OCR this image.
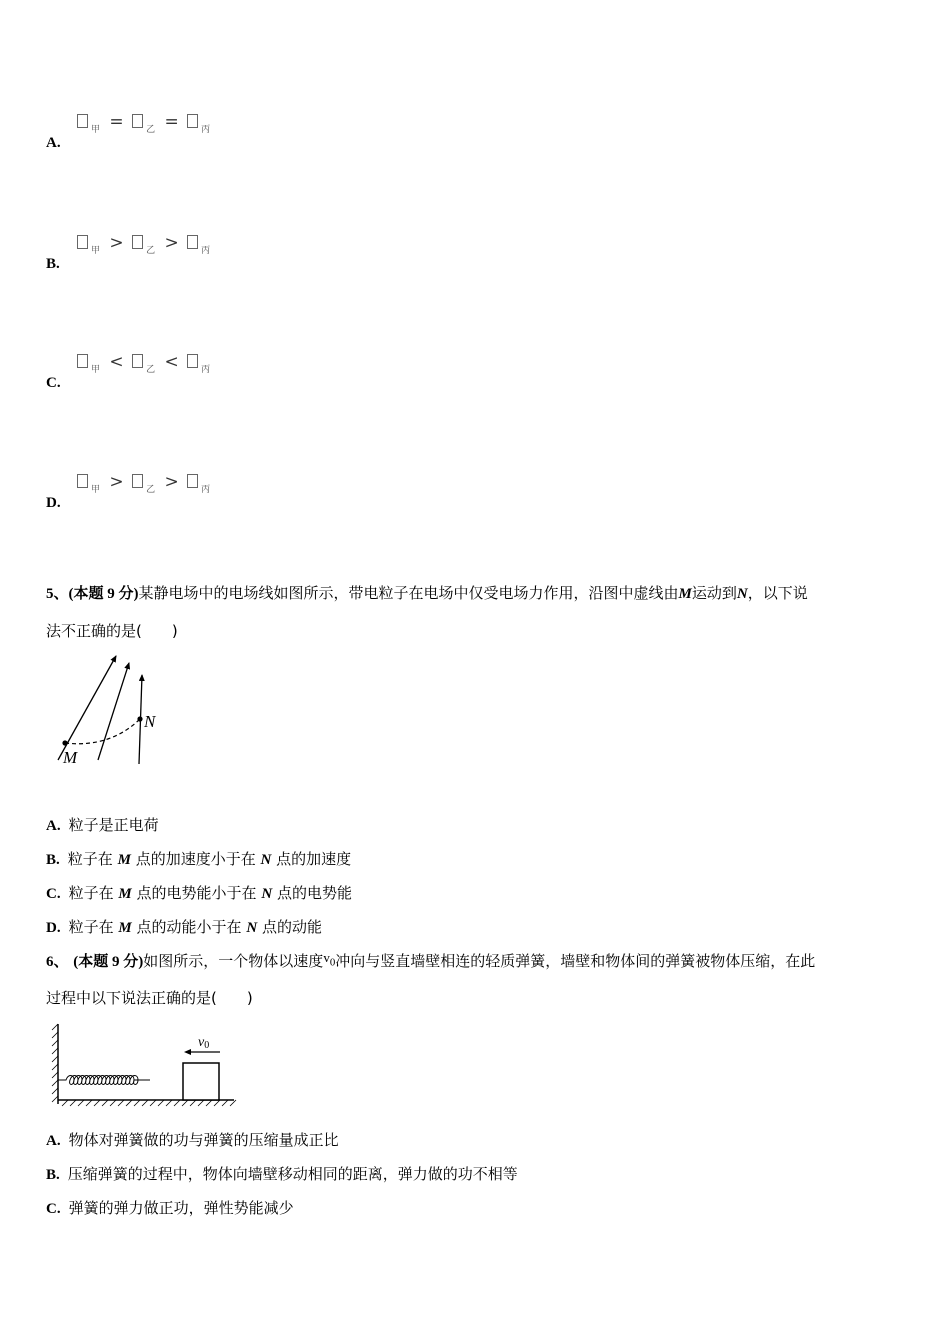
$_甲$ = $_乙$ = $_丙$
A.
$_甲$ > $_乙$ > $_丙$
B.
$_甲$ < $_乙$ < $_丙$
C.
$_甲$ > $_乙$ > $_丙$
D.
5、(本题 9 分)某静电场中的电场线如图所示，带电粒子在电场中仅受电场力作用，沿图中虚线由M运动到N，以下说
法不正确的是(　　)
M
N
A. 粒子是正电荷
B. 粒子在 M 点的加速度小于在 N 点的加速度
C. 粒子在 M 点的电势能小于在 N 点的电势能
D. 粒子在 M 点的动能小于在 N 点的动能
6、 (本题 9 分)如图所示，一个物体以速度$v_0$冲向与竖直墙壁相连的轻质弹簧，墙壁和物体间的弹簧被物体压缩，在此
过程中以下说法正确的是(　　)
v0
A. 物体对弹簧做的功与弹簧的压缩量成正比
B. 压缩弹簧的过程中，物体向墙壁移动相同的距离，弹力做的功不相等
C. 弹簧的弹力做正功，弹性势能减少
